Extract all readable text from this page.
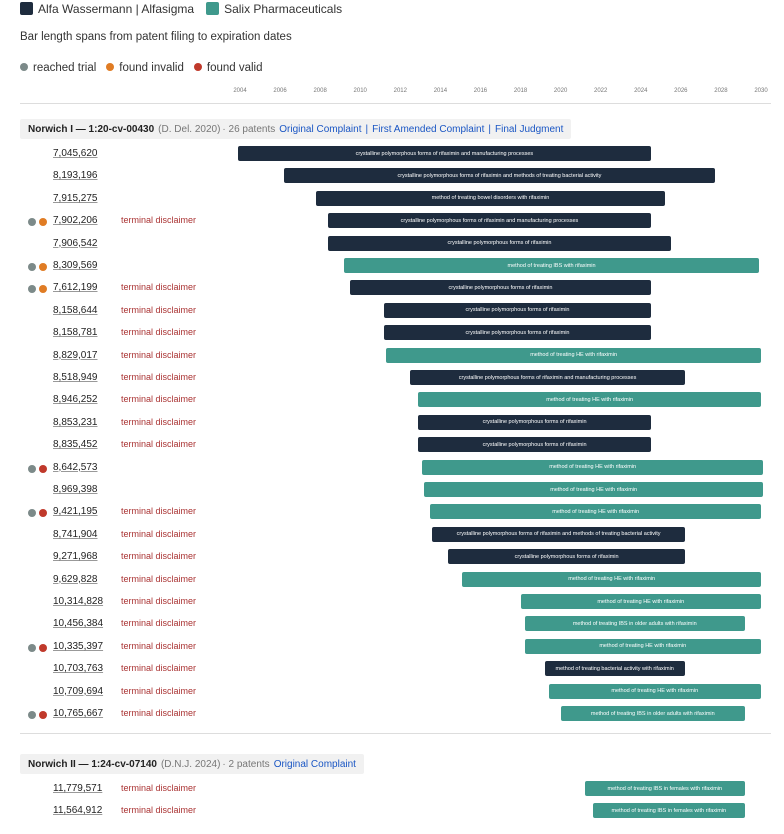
Alfa Wassermann | Alfasigma	Salix Pharmaceuticals
Bar length spans from patent filing to expiration dates
reached trial	found invalid	found valid
2004	2006	2008	2010	2012	2014	2016	2018	2020	2022	2024	2026	2028	2030
Norwich I — 1:20-cv-00430 (D. Del. 2020) · 26 patents Original Complaint | First Amended Complaint | Final Judgment
7,045,620	crystalline polymorphous forms of rifaximin and manufacturing processes
8,193,196	crystalline polymorphous forms of rifaximin and methods of treating bacterial activity
7,915,275	method of treating bowel disorders with rifaximin
7,902,206	terminal disclaimer	crystalline polymorphous forms of rifaximin and manufacturing processes
7,906,542	crystalline polymorphous forms of rifaximin
8,309,569	method of treating IBS with rifaximin
7,612,199	terminal disclaimer	crystalline polymorphous forms of rifaximin
8,158,644	terminal disclaimer	crystalline polymorphous forms of rifaximin
8,158,781	terminal disclaimer	crystalline polymorphous forms of rifaximin
8,829,017	terminal disclaimer	method of treating HE with rifaximin
8,518,949	terminal disclaimer	crystalline polymorphous forms of rifaximin and manufacturing processes
8,946,252	terminal disclaimer	method of treating HE with rifaximin
8,853,231	terminal disclaimer	crystalline polymorphous forms of rifaximin
8,835,452	terminal disclaimer	crystalline polymorphous forms of rifaximin
8,642,573	method of treating HE with rifaximin
8,969,398	method of treating HE with rifaximin
9,421,195	terminal disclaimer	method of treating HE with rifaximin
8,741,904	terminal disclaimer	crystalline polymorphous forms of rifaximin and methods of treating bacterial activity
9,271,968	terminal disclaimer	crystalline polymorphous forms of rifaximin
9,629,828	terminal disclaimer	method of treating HE with rifaximin
10,314,828 terminal disclaimer	method of treating HE with rifaximin
10,456,384 terminal disclaimer	method of treating IBS in older adults with rifaximin
10,335,397 terminal disclaimer	method of treating HE with rifaximin
10,703,763 terminal disclaimer	method of treating bacterial activity with rifaximin
10,709,694 terminal disclaimer	method of treating HE with rifaximin
10,765,667 terminal disclaimer	method of treating IBS in older adults with rifaximin
Norwich II — 1:24-cv-07140 (D.N.J. 2024) · 2 patents Original Complaint
11,779,571 terminal disclaimer	method of treating IBS in females with rifaximin
11,564,912 terminal disclaimer	method of treating IBS in females with rifaximin
